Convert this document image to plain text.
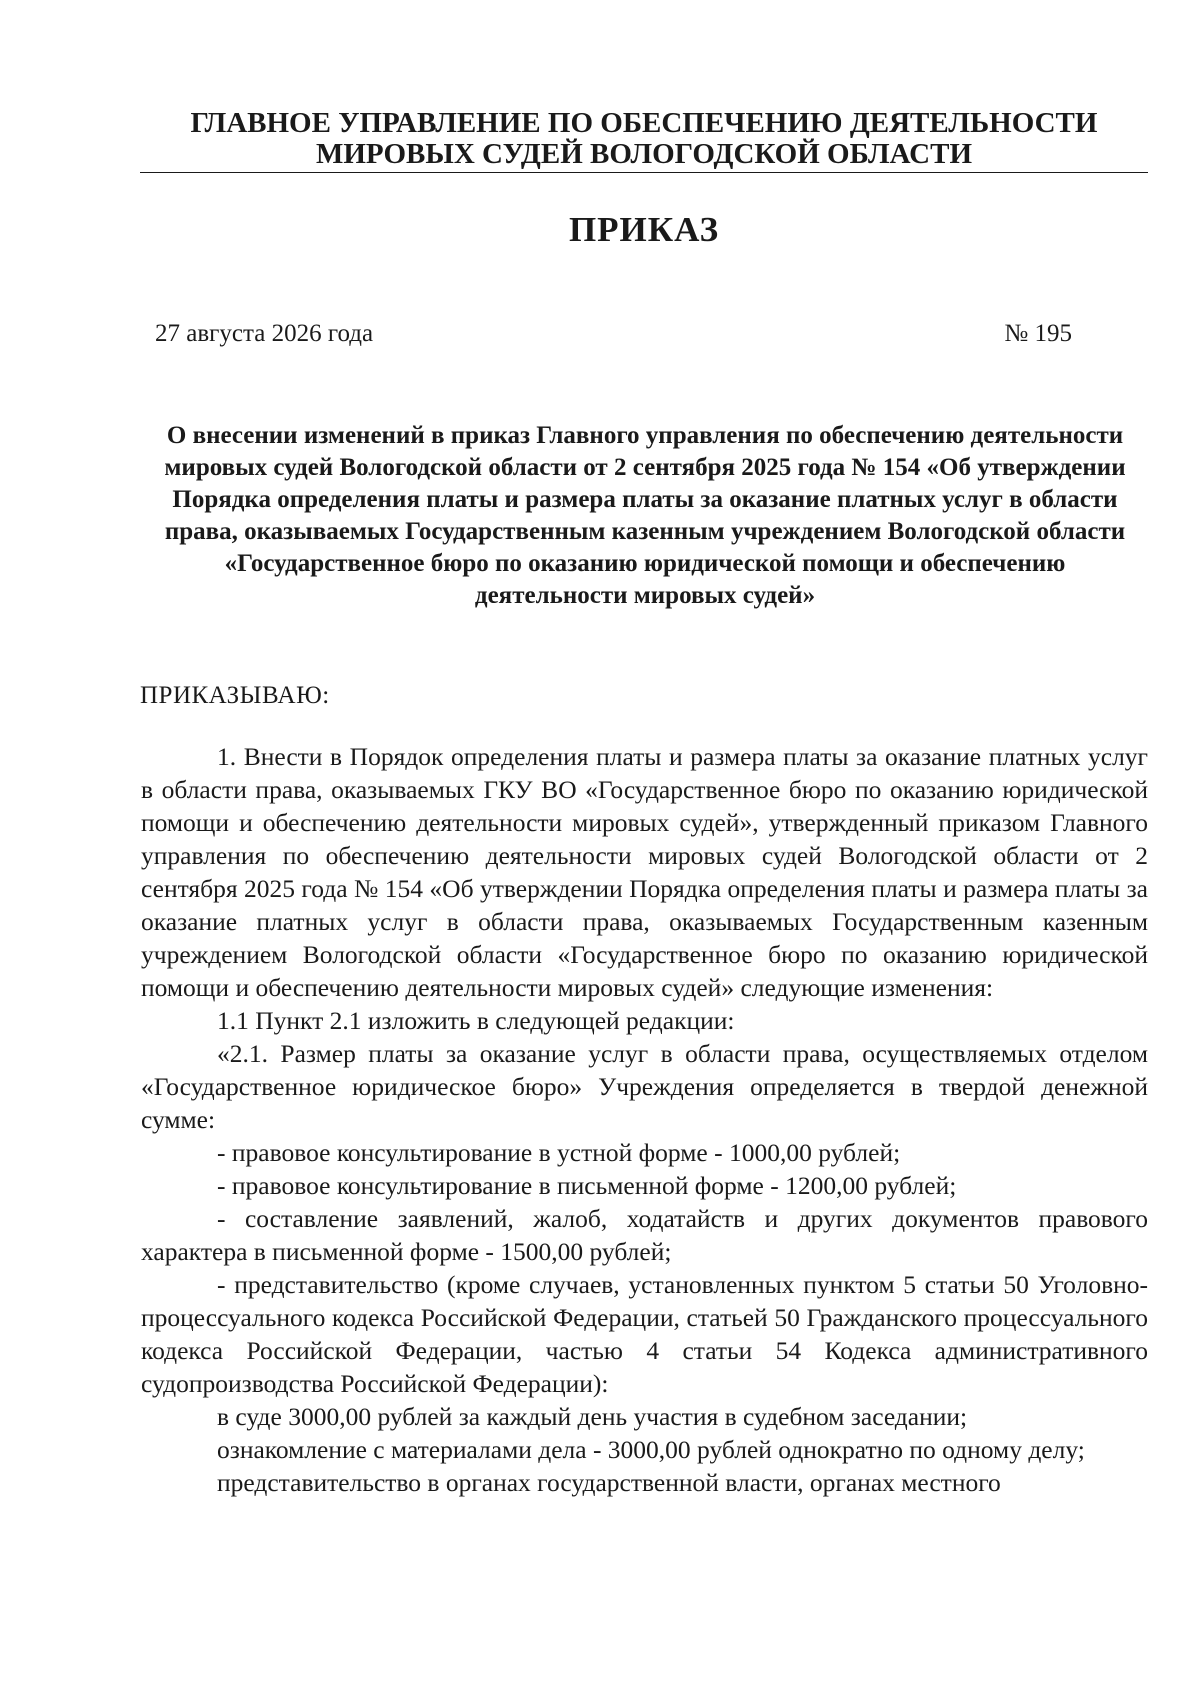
ГЛАВНОЕ УПРАВЛЕНИЕ ПО ОБЕСПЕЧЕНИЮ ДЕЯТЕЛЬНОСТИ
МИРОВЫХ СУДЕЙ ВОЛОГОДСКОЙ ОБЛАСТИ
ПРИКАЗ
27 августа 2026 года	№ 195
О внесении изменений в приказ Главного управления по обеспечению деятельности мировых судей Вологодской области от 2 сентября 2025 года № 154 «Об утверждении Порядка определения платы и размера платы за оказание платных услуг в области права, оказываемых Государственным казенным учреждением Вологодской области «Государственное бюро по оказанию юридической помощи и обеспечению деятельности мировых судей»
ПРИКАЗЫВАЮ:

1. Внести в Порядок определения платы и размера платы за оказание платных услуг в области права, оказываемых ГКУ ВО «Государственное бюро по оказанию юридической помощи и обеспечению деятельности мировых судей», утвержденный приказом Главного управления по обеспечению деятельности мировых судей Вологодской области от 2 сентября 2025 года № 154 «Об утверждении Порядка определения платы и размера платы за оказание платных услуг в области права, оказываемых Государственным казенным учреждением Вологодской области «Государственное бюро по оказанию юридической помощи и обеспечению деятельности мировых судей» следующие изменения:

1.1 Пункт 2.1 изложить в следующей редакции:

«2.1. Размер платы за оказание услуг в области права, осуществляемых отделом «Государственное юридическое бюро» Учреждения определяется в твердой денежной сумме:

- правовое консультирование в устной форме - 1000,00 рублей;

- правовое консультирование в письменной форме - 1200,00 рублей;

- составление заявлений, жалоб, ходатайств и других документов правового характера в письменной форме - 1500,00 рублей;

- представительство (кроме случаев, установленных пунктом 5 статьи 50 Уголовно-процессуального кодекса Российской Федерации, статьей 50 Гражданского процессуального кодекса Российской Федерации, частью 4 статьи 54 Кодекса административного судопроизводства Российской Федерации):

в суде 3000,00 рублей за каждый день участия в судебном заседании;

ознакомление с материалами дела - 3000,00 рублей однократно по одному делу;

представительство в органах государственной власти, органах местного
